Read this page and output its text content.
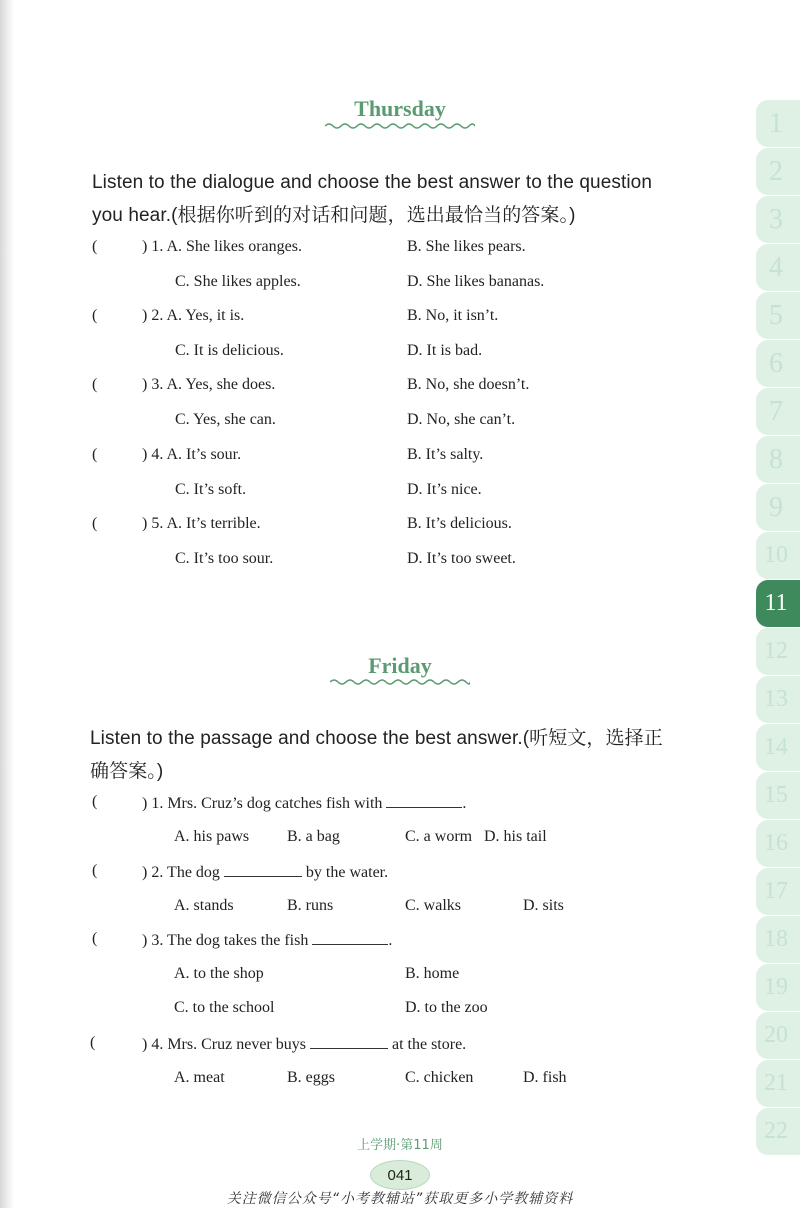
Thursday
Listen to the dialogue and choose the best answer to the question
you hear.(根据你听到的对话和问题，选出最恰当的答案。)
(	) 1. A. She likes oranges.	B. She likes pears.
C. She likes apples.	D. She likes bananas.
(	) 2. A. Yes, it is.	B. No, it isn’t.
C. It is delicious.	D. It is bad.
(	) 3. A. Yes, she does.	B. No, she doesn’t.
C. Yes, she can.	D. No, she can’t.
(	) 4. A. It’s sour.	B. It’s salty.
C. It’s soft.	D. It’s nice.
(	) 5. A. It’s terrible.	B. It’s delicious.
C. It’s too sour.	D. It’s too sweet.
Friday
Listen to the passage and choose the best answer.(听短文，选择正
确答案。)
(	) 1. Mrs. Cruz’s dog catches fish with	.
A. his paws B. a bag	C. a worm D. his tail
(	) 2. The dog	by the water.
A. stands	B. runs	C. walks	D. sits
(	) 3. The dog takes the fish	.
A. to the shop	B. home
C. to the school	D. to the zoo
(	) 4. Mrs. Cruz never buys	at the store.
A. meat	B. eggs	C. chicken	D. fish
1
2
3
4
5
6
7
8
9
10
11
12
13
14
15
16
17
18
19
20
21
22
上学期·第11周
041
关注微信公众号“小考教辅站”获取更多小学教辅资料
